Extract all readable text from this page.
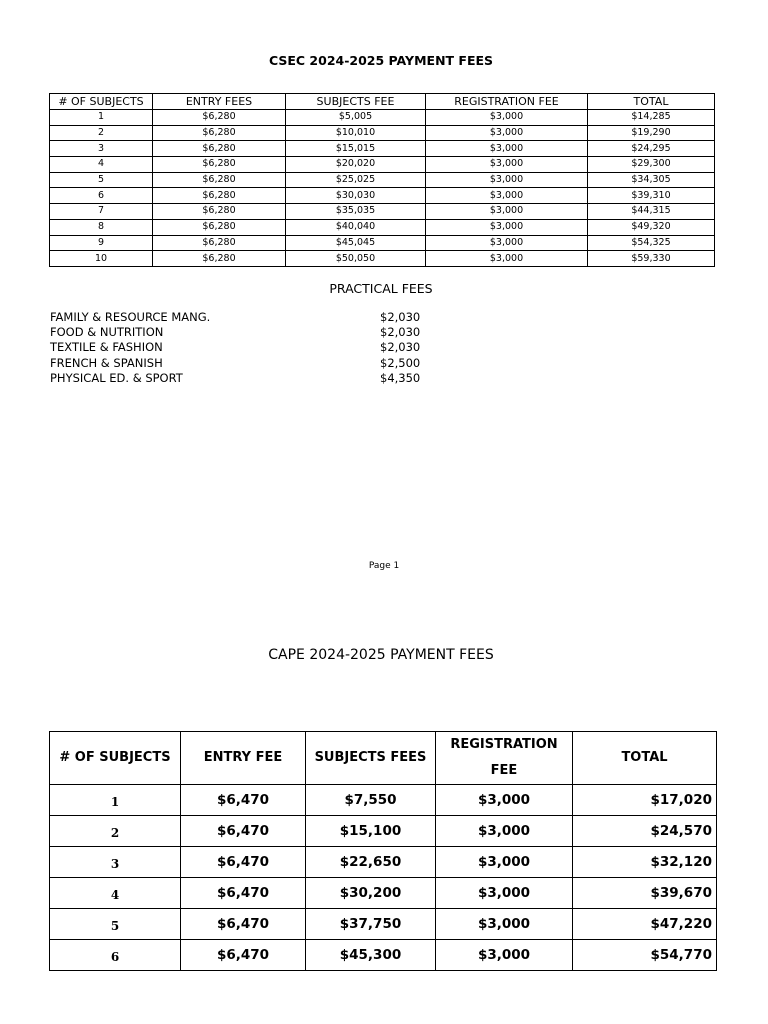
CSEC 2024-2025 PAYMENT FEES
# OF SUBJECTS	ENTRY FEES	SUBJECTS FEE	REGISTRATION FEE	TOTAL
1	$6,280	$5,005	$3,000	$14,285
2	$6,280	$10,010	$3,000	$19,290
3	$6,280	$15,015	$3,000	$24,295
4	$6,280	$20,020	$3,000	$29,300
5	$6,280	$25,025	$3,000	$34,305
6	$6,280	$30,030	$3,000	$39,310
7	$6,280	$35,035	$3,000	$44,315
8	$6,280	$40,040	$3,000	$49,320
9	$6,280	$45,045	$3,000	$54,325
10	$6,280	$50,050	$3,000	$59,330
PRACTICAL FEES
FAMILY & RESOURCE MANG.	$2,030
FOOD & NUTRITION	$2,030
TEXTILE & FASHION	$2,030
FRENCH & SPANISH	$2,500
PHYSICAL ED. & SPORT	$4,350
Page 1
CAPE 2024-2025 PAYMENT FEES
# OF SUBJECTS	ENTRY FEE	SUBJECTS FEES	REGISTRATION FEE	TOTAL
1	$6,470	$7,550	$3,000	$17,020
2	$6,470	$15,100	$3,000	$24,570
3	$6,470	$22,650	$3,000	$32,120
4	$6,470	$30,200	$3,000	$39,670
5	$6,470	$37,750	$3,000	$47,220
6	$6,470	$45,300	$3,000	$54,770
